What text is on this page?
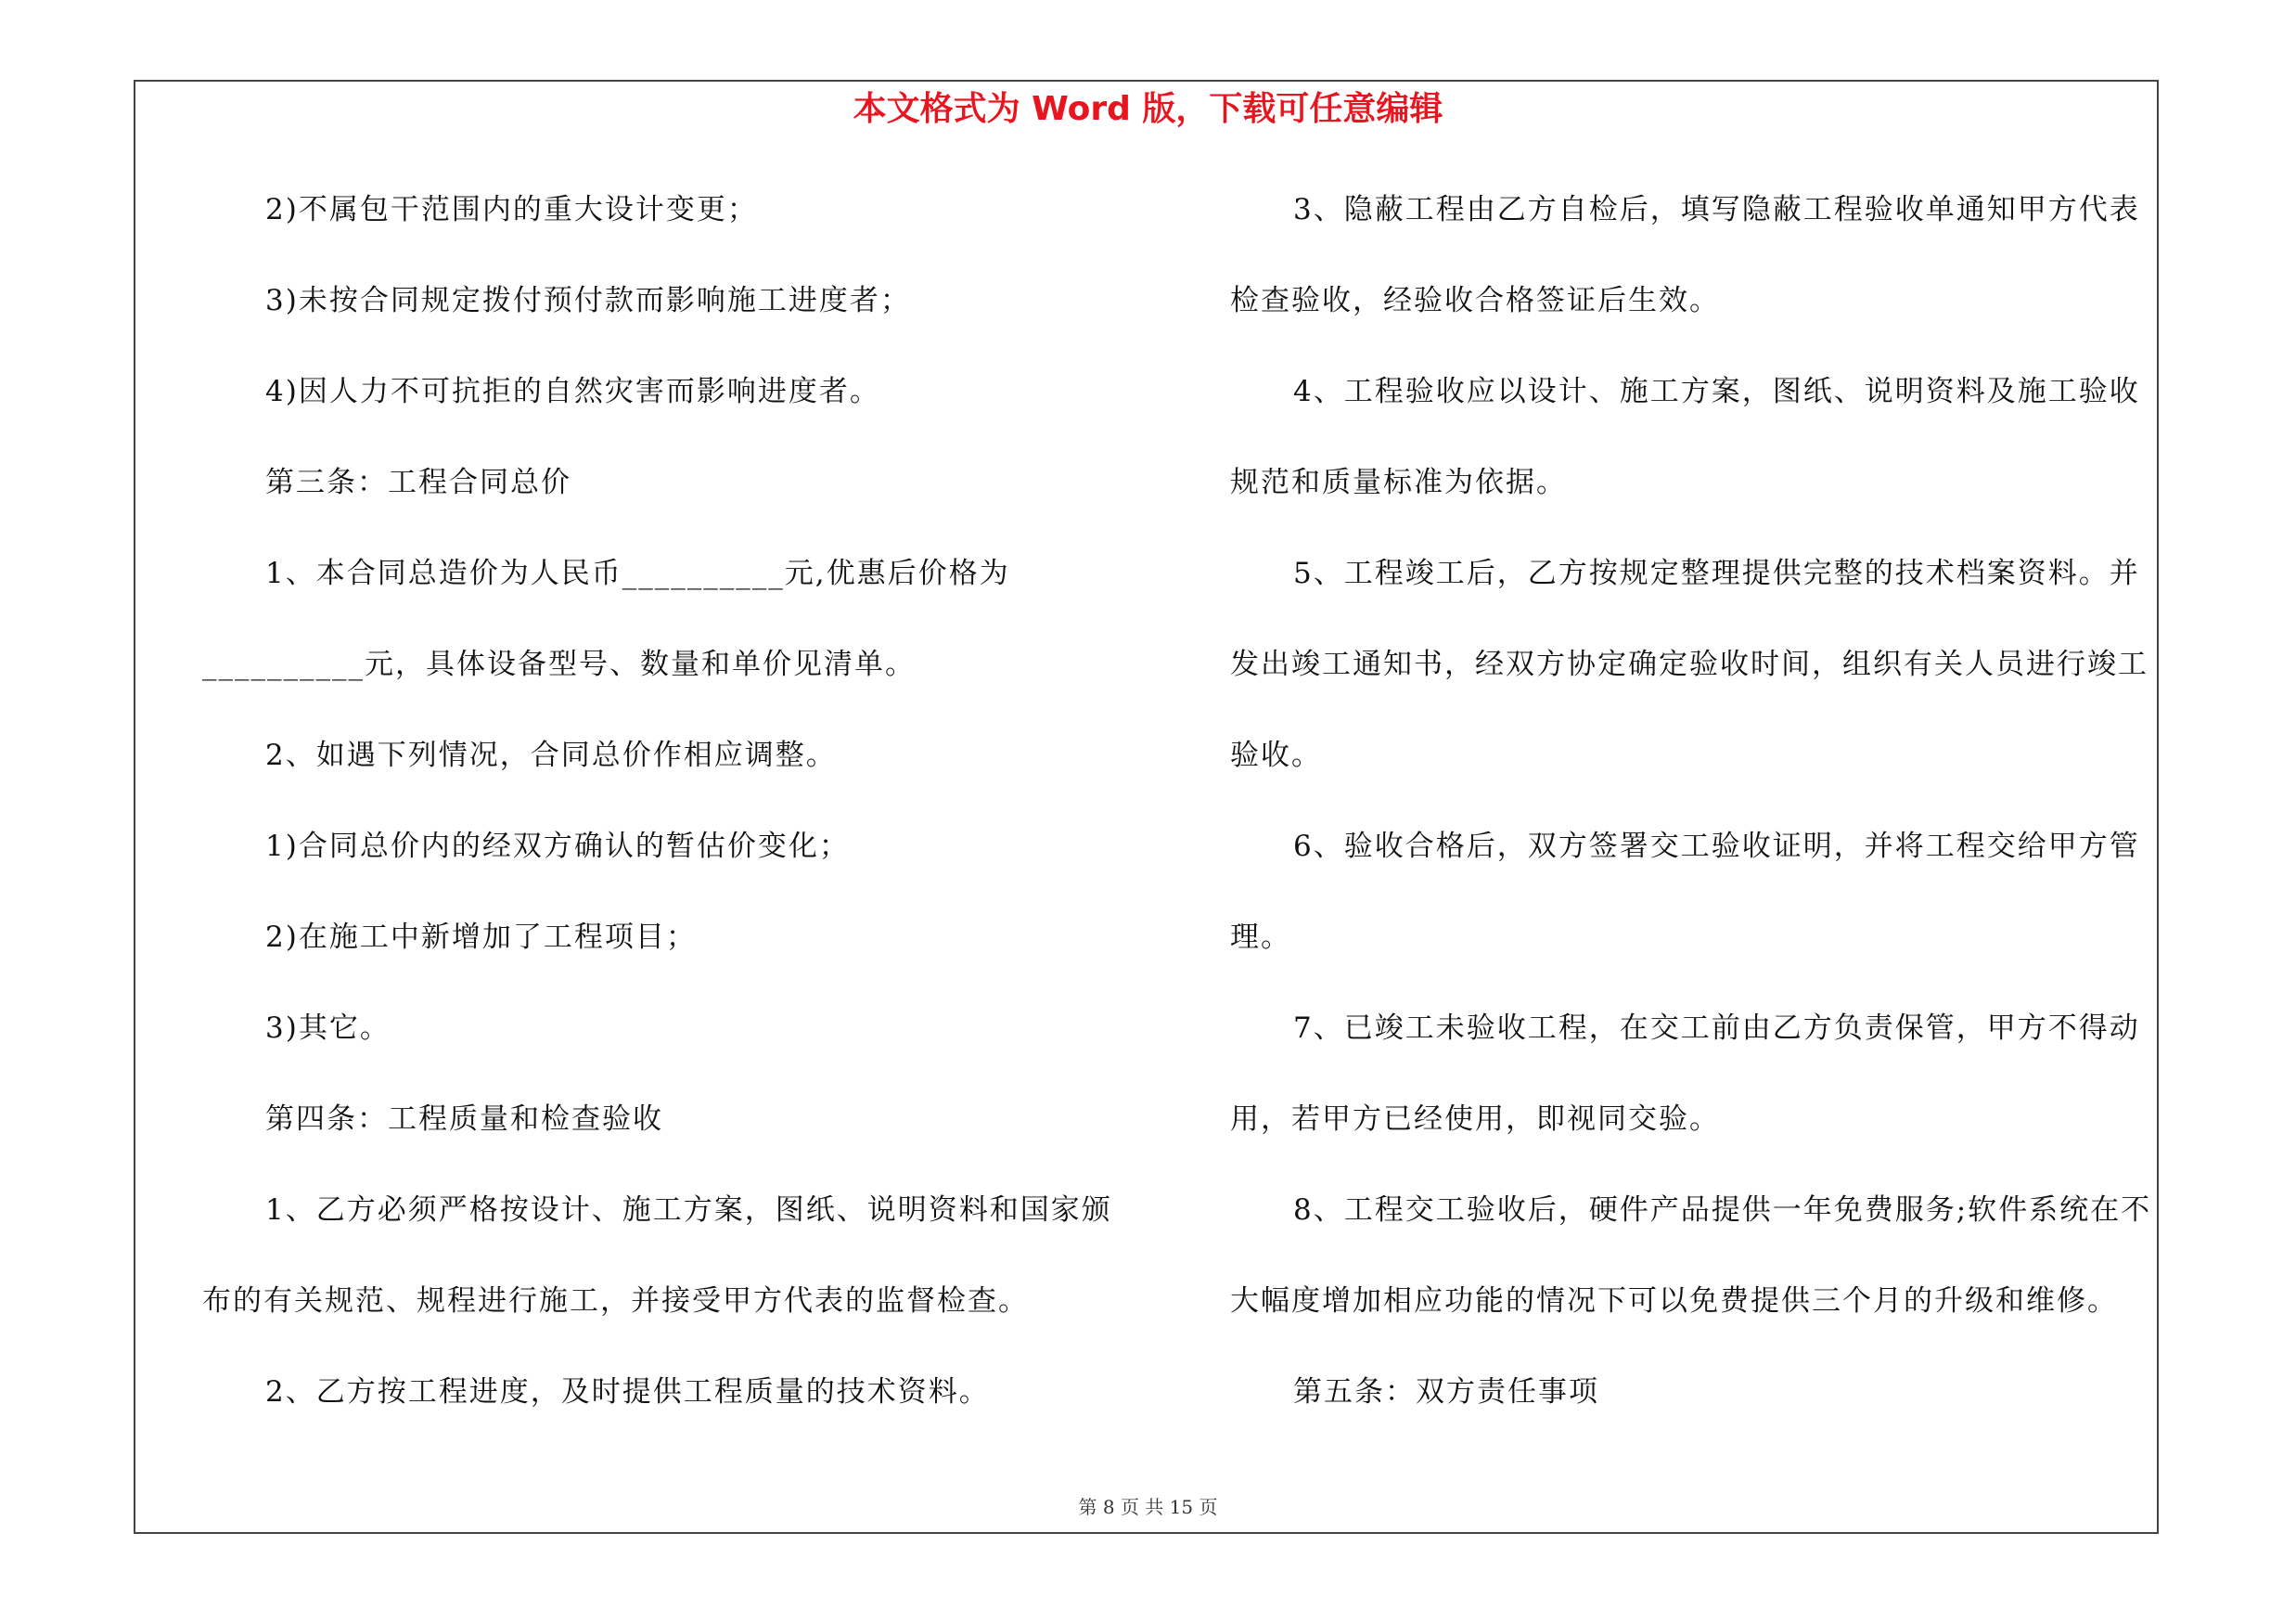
本文格式为 Word 版，下载可任意编辑
2)不属包干范围内的重大设计变更；
3)未按合同规定拨付预付款而影响施工进度者；
4)因人力不可抗拒的自然灾害而影响进度者。
第三条：工程合同总价
1、本合同总造价为人民币__________元,优惠后价格为
__________元，具体设备型号、数量和单价见清单。
2、如遇下列情况，合同总价作相应调整。
1)合同总价内的经双方确认的暂估价变化；
2)在施工中新增加了工程项目；
3)其它。
第四条：工程质量和检查验收
1、乙方必须严格按设计、施工方案，图纸、说明资料和国家颁
布的有关规范、规程进行施工，并接受甲方代表的监督检查。
2、乙方按工程进度，及时提供工程质量的技术资料。
3、隐蔽工程由乙方自检后，填写隐蔽工程验收单通知甲方代表
检查验收，经验收合格签证后生效。
4、工程验收应以设计、施工方案，图纸、说明资料及施工验收
规范和质量标准为依据。
5、工程竣工后，乙方按规定整理提供完整的技术档案资料。并
发出竣工通知书，经双方协定确定验收时间，组织有关人员进行竣工
验收。
6、验收合格后，双方签署交工验收证明，并将工程交给甲方管
理。
7、已竣工未验收工程，在交工前由乙方负责保管，甲方不得动
用，若甲方已经使用，即视同交验。
8、工程交工验收后，硬件产品提供一年免费服务;软件系统在不
大幅度增加相应功能的情况下可以免费提供三个月的升级和维修。
第五条：双方责任事项
第 8 页 共 15 页
